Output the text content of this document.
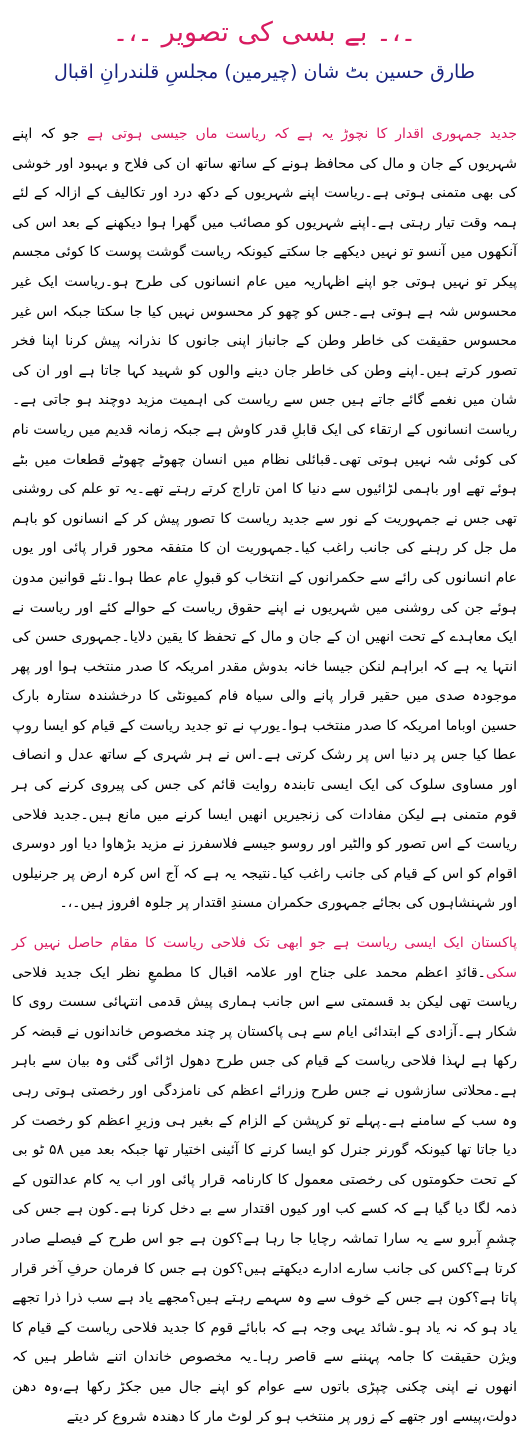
۔،۔ بے بسی کی تصویر ۔،۔
طارق حسین بٹ شان (چیرمین) مجلسِ قلندرانِ اقبال

جدید جمہوری اقدار کا نچوڑ یہ ہے کہ ریاست ماں جیسی ہوتی ہے جو کہ اپنے شہریوں کے جان و مال کی محافظ ہونے کے ساتھ ساتھ ان کی فلاح و بہبود اور خوشی کی بھی متمنی ہوتی ہے۔ریاست اپنے شہریوں کے دکھ درد اور تکالیف کے ازالہ کے لئے ہمہ وقت تیار رہتی ہے۔اپنے شہریوں کو مصائب میں گھرا ہوا دیکھنے کے بعد اس کی آنکھوں میں آنسو تو نہیں دیکھے جا سکتے کیونکہ ریاست گوشت پوست کا کوئی مجسم پیکر تو نہیں ہوتی جو اپنے اظہاریہ میں عام انسانوں کی طرح ہو۔ریاست ایک غیر محسوس شہ ہے ہوتی ہے۔جس کو چھو کر محسوس نہیں کیا جا سکتا جبکہ اس غیر محسوس حقیقت کی خاطر وطن کے جانباز اپنی جانوں کا نذرانہ پیش کرنا اپنا فخر تصور کرتے ہیں۔اپنے وطن کی خاطر جان دینے والوں کو شہید کہا جاتا ہے اور ان کی شان میں نغمے گائے جاتے ہیں جس سے ریاست کی اہمیت مزید دوچند ہو جاتی ہے۔ریاست انسانوں کے ارتقاء کی ایک قابلِ قدر کاوش ہے جبکہ زمانہ قدیم میں ریاست نام کی کوئی شہ نہیں ہوتی تھی۔قبائلی نظام میں انسان چھوٹے چھوٹے قطعات میں بٹے ہوئے تھے اور باہمی لڑائیوں سے دنیا کا امن تاراج کرتے رہتے تھے۔یہ تو علم کی روشنی تھی جس نے جمہوریت کے نور سے جدید ریاست کا تصور پیش کر کے انسانوں کو باہم مل جل کر رہنے کی جانب راغب کیا۔جمہوریت ان کا متفقہ محور قرار پائی اور یوں عام انسانوں کی رائے سے حکمرانوں کے انتخاب کو قبولِ عام عطا ہوا۔نئے قوانین مدون ہوئے جن کی روشنی میں شہریوں نے اپنے حقوق ریاست کے حوالے کئے اور ریاست نے ایک معاہدے کے تحت انھیں ان کے جان و مال کے تحفظ کا یقین دلایا۔جمہوری حسن کی انتہا یہ ہے کہ ابراہم لنکن جیسا خانہ بدوش مقدر امریکہ کا صدر منتخب ہوا اور پھر موجودہ صدی میں حقیر قرار پانے والی سیاہ فام کمیونٹی کا درخشندہ ستارہ بارک حسین اوباما امریکہ کا صدر منتخب ہوا۔یورپ نے تو جدید ریاست کے قیام کو ایسا روپ عطا کیا جس پر دنیا اس پر رشک کرتی ہے۔اس نے ہر شہری کے ساتھ عدل و انصاف اور مساوی سلوک کی ایک ایسی تابندہ روایت قائم کی جس کی پیروی کرنے کی ہر قوم متمنی ہے لیکن مفادات کی زنجیریں انھیں ایسا کرنے میں مانع ہیں۔جدید فلاحی ریاست کے اس تصور کو والٹیر اور روسو جیسے فلاسفرز نے مزید بڑھاوا دیا اور دوسری اقوام کو اس کے قیام کی جانب راغب کیا۔نتیجہ یہ ہے کہ آج اس کرہ ارض پر جرنیلوں اور شہنشاہوں کی بجائے جمہوری حکمران مسندِ اقتدار پر جلوہ افروز ہیں۔،۔

پاکستان ایک ایسی ریاست ہے جو ابھی تک فلاحی ریاست کا مقام حاصل نہیں کر سکی۔قائدِ اعظم محمد علی جناح اور علامہ اقبال کا مطمعِ نظر ایک جدید فلاحی ریاست تھی لیکن بد قسمتی سے اس جانب ہماری پیش قدمی انتہائی سست روی کا شکار ہے۔آزادی کے ابتدائی ایام سے ہی پاکستان پر چند مخصوص خاندانوں نے قبضہ کر رکھا ہے لہذا فلاحی ریاست کے قیام کی جس طرح دھول اڑائی گئی وہ بیان سے باہر ہے۔محلاتی سازشوں نے جس طرح وزرائے اعظم کی نامزدگی اور رخصتی ہوتی رہی وہ سب کے سامنے ہے۔پہلے تو کرپشن کے الزام کے بغیر ہی وزیرِ اعظم کو رخصت کر دیا جاتا تھا کیونکہ گورنر جنرل کو ایسا کرنے کا آئینی اختیار تھا جبکہ بعد میں ۵۸ ٹو بی کے تحت حکومتوں کی رخصتی معمول کا کارنامہ قرار پائی اور اب یہ کام عدالتوں کے ذمہ لگا دیا گیا ہے کہ کسے کب اور کیوں اقتدار سے بے دخل کرنا ہے۔کون ہے جس کی چشمِ آبرو سے یہ سارا تماشہ رچایا جا رہا ہے؟کون ہے جو اس طرح کے فیصلے صادر کرتا ہے؟کس کی جانب سارے ادارے دیکھتے ہیں؟کون ہے جس کا فرمان حرفِ آخر قرار پاتا ہے؟کون ہے جس کے خوف سے وہ سہمے رہتے ہیں؟مجھے یاد ہے سب ذرا ذرا تجھے یاد ہو کہ نہ یاد ہو۔شائد یہی وجہ ہے کہ بابائے قوم کا جدید فلاحی ریاست کے قیام کا ویژن حقیقت کا جامہ پہننے سے قاصر رہا۔یہ مخصوص خاندان اتنے شاطر ہیں کہ انھوں نے اپنی چکنی چپڑی باتوں سے عوام کو اپنے جال میں جکڑ رکھا ہے،وہ دھن دولت،پیسے اور جتھے کے زور پر منتخب ہو کر لوٹ مار کا دھندہ شروع کر دیتے
